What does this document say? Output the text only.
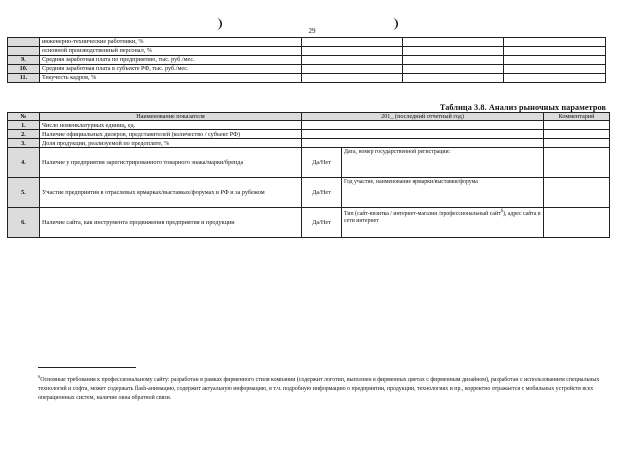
29
	инженерно-технические работники, %			
	основной производственный персонал, %			
9.	Средняя заработная плата по предприятию, тыс. руб./мес.			
10.	Средняя заработная плата в субъекте РФ, тыс. руб./мес.			
11.	Текучесть кадров, %			
Таблица 3.8. Анализ рыночных параметров
№	Наименование показателя	201_ (последний отчетный год)		Комментарий
1.	Число номенклатурных единиц, ед.			
2.	Наличие официальных дилеров, представителей (количество / субъект РФ)			
3.	Доля продукции, реализуемой по предоплате, %			
4.	Наличие у предприятия зарегистрированного товарного знака/марки/бренда	Да/Нет	Дата, номер государственной регистрации:	
5.	Участие предприятия в отраслевых ярмарках/выставках/форумах в РФ и за рубежом	Да/Нет	Год участие, наименование ярмарки/выставки/форума	
6.	Наличие сайта, как инструмента продвижения предприятия и продукции	Да/Нет	Тип (сайт-визитка / интернет-магазин /профессиональный сайт$^6$), адрес сайта в сети интернет	
$^6$Основные требования к профессиональному сайту: разработан в рамках фирменного стиля компании (содержит логотип, выполнен в фирменных цветах с фирменным дизайном), разработан с использованием специальных технологий и софта, может содержать flash-анимацию, содержит актуальную информацию, в т.ч. подробную информацию о предприятии, продукции, технологиях и пр., корректно отражается с мобильных устройств всех операционных систем, наличие окна обратной связи.
